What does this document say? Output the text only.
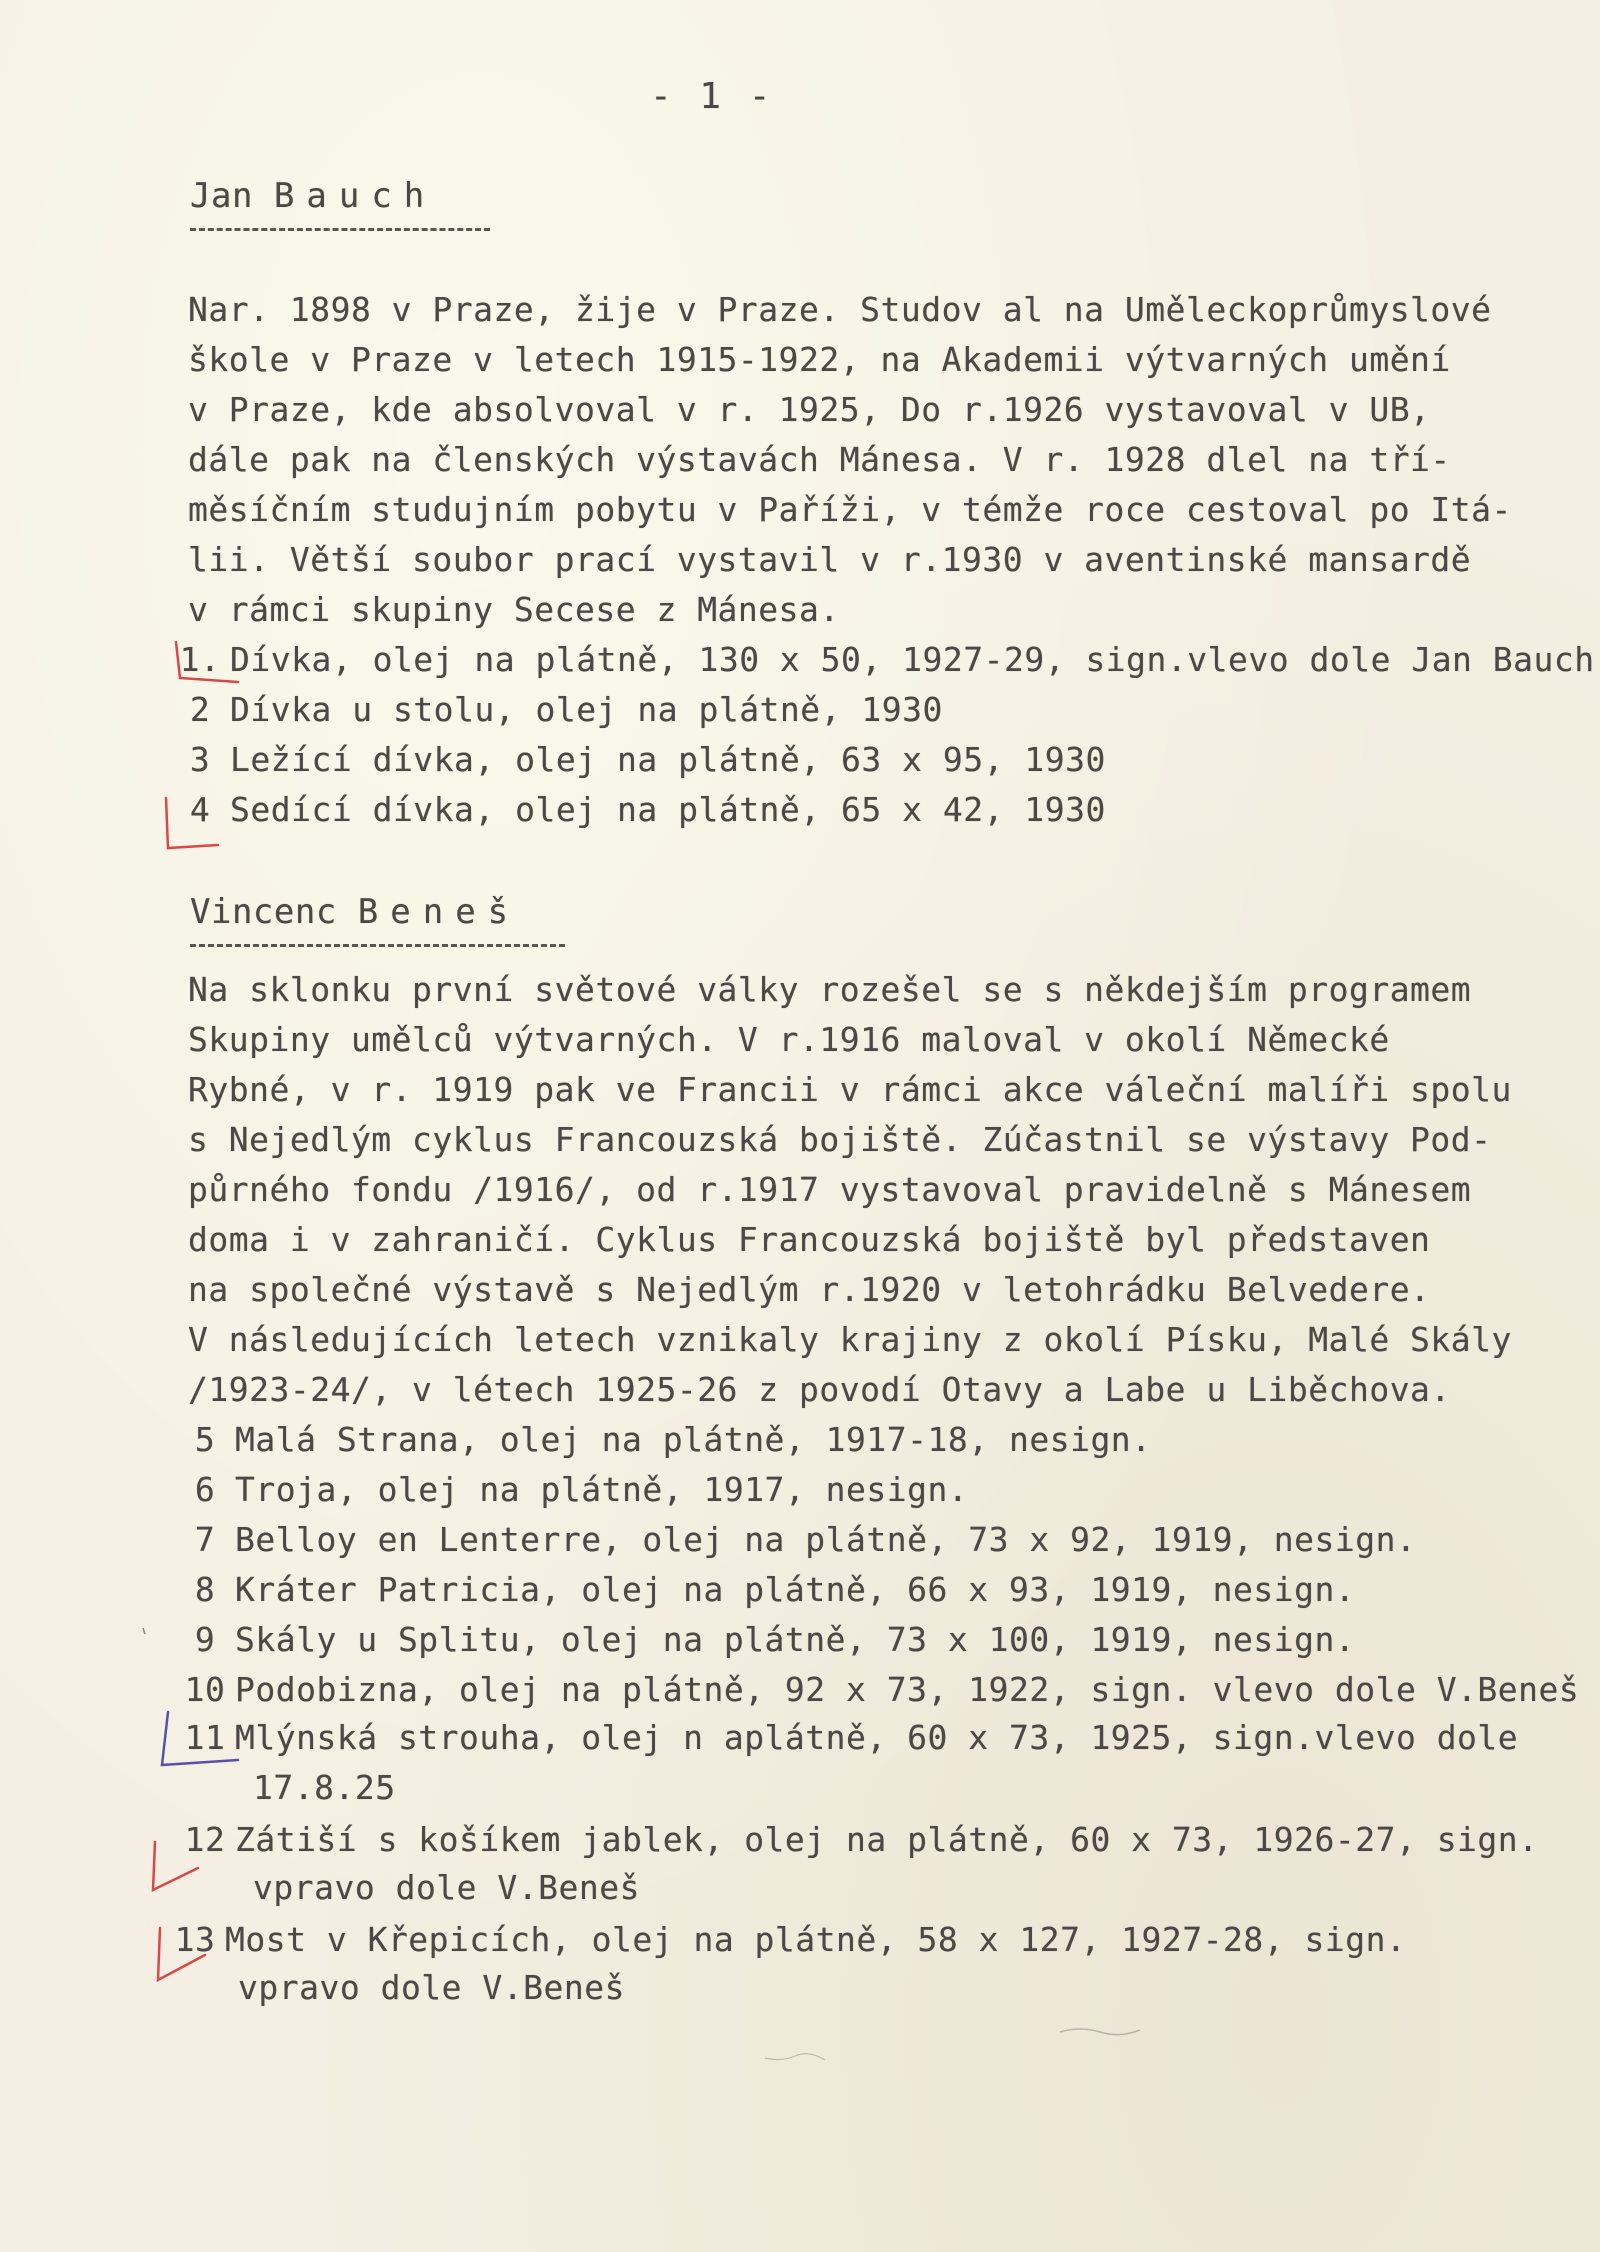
- 1 -
Jan Bauch
Nar. 1898 v Praze, žije v Praze. Studov al na Uměleckoprůmyslové
škole v Praze v letech 1915-1922, na Akademii výtvarných umění
v Praze, kde absolvoval v r. 1925, Do r.1926 vystavoval v UB,
dále pak na členských výstavách Mánesa. V r. 1928 dlel na tří-
měsíčním studujním pobytu v Paříži, v témže roce cestoval po Itá-
lii. Větší soubor prací vystavil v r.1930 v aventinské mansardě
v rámci skupiny Secese z Mánesa.
1. Dívka, olej na plátně, 130 x 50, 1927-29, sign.vlevo dole Jan Bauch
2 Dívka u stolu, olej na plátně, 1930
3 Ležící dívka, olej na plátně, 63 x 95, 1930
4 Sedící dívka, olej na plátně, 65 x 42, 1930
Vincenc Beneš
Na sklonku první světové války rozešel se s někdejším programem
Skupiny umělců výtvarných. V r.1916 maloval v okolí Německé
Rybné, v r. 1919 pak ve Francii v rámci akce váleční malíři spolu
s Nejedlým cyklus Francouzská bojiště. Zúčastnil se výstavy Pod-
půrného fondu /1916/, od r.1917 vystavoval pravidelně s Mánesem
doma i v zahraničí. Cyklus Francouzská bojiště byl představen
na společné výstavě s Nejedlým r.1920 v letohrádku Belvedere.
V následujících letech vznikaly krajiny z okolí Písku, Malé Skály
/1923-24/, v létech 1925-26 z povodí Otavy a Labe u Liběchova.
5 Malá Strana, olej na plátně, 1917-18, nesign.
6 Troja, olej na plátně, 1917, nesign.
7 Belloy en Lenterre, olej na plátně, 73 x 92, 1919, nesign.
8 Kráter Patricia, olej na plátně, 66 x 93, 1919, nesign.
9 Skály u Splitu, olej na plátně, 73 x 100, 1919, nesign.
10 Podobizna, olej na plátně, 92 x 73, 1922, sign. vlevo dole V.Beneš
11 Mlýnská strouha, olej n aplátně, 60 x 73, 1925, sign.vlevo dole
17.8.25
12 Zátiší s košíkem jablek, olej na plátně, 60 x 73, 1926-27, sign.
vpravo dole V.Beneš
13 Most v Křepicích, olej na plátně, 58 x 127, 1927-28, sign.
vpravo dole V.Beneš
